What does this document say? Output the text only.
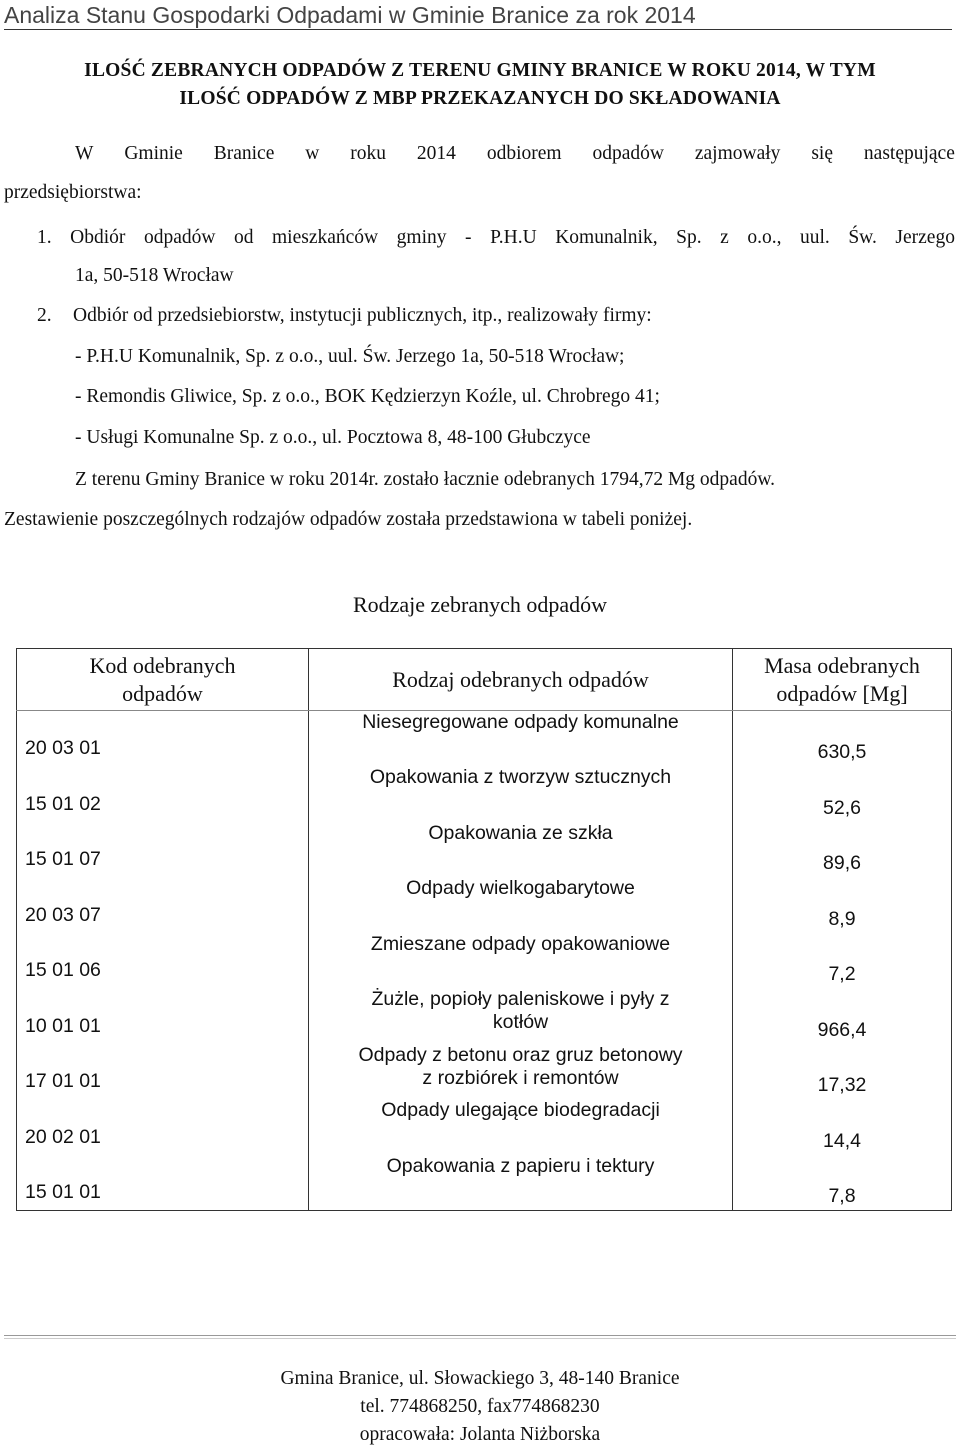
Analiza Stanu Gospodarki Odpadami w Gminie Branice za rok 2014
ILOŚĆ ZEBRANYCH ODPADÓW Z TERENU GMINY BRANICE W ROKU 2014, W TYM
ILOŚĆ ODPADÓW Z MBP PRZEKAZANYCH DO SKŁADOWANIA
W Gminie Branice w roku 2014 odbiorem odpadów zajmowały się następujące
przedsiębiorstwa:
1. Obdiór odpadów od mieszkańców gminy - P.H.U Komunalnik, Sp. z o.o., uul. Św. Jerzego
1a, 50-518 Wrocław
2. Odbiór od przedsiebiorstw, instytucji publicznych, itp., realizowały firmy:
- P.H.U Komunalnik, Sp. z o.o., uul. Św. Jerzego 1a, 50-518 Wrocław;
- Remondis Gliwice, Sp. z o.o., BOK Kędzierzyn Koźle, ul. Chrobrego 41;
- Usługi Komunalne Sp. z o.o., ul. Pocztowa 8, 48-100 Głubczyce
Z terenu Gminy Branice w roku 2014r. zostało łacznie odebranych 1794,72 Mg odpadów.
Zestawienie poszczególnych rodzajów odpadów została przedstawiona w tabeli poniżej.
Rodzaje zebranych odpadów
Kod odebranych
odpadów	Rodzaj odebranych odpadów	Masa odebranych
odpadów [Mg]
20 03 01	Niesegregowane odpady komunalne	630,5
15 01 02	Opakowania z tworzyw sztucznych	52,6
15 01 07	Opakowania ze szkła	89,6
20 03 07	Odpady wielkogabarytowe	8,9
15 01 06	Zmieszane odpady opakowaniowe	7,2
10 01 01	Żużle, popioły paleniskowe i pyły z
kotłów	966,4
17 01 01	Odpady z betonu oraz gruz betonowy
z rozbiórek i remontów	17,32
20 02 01	Odpady ulegające biodegradacji	14,4
15 01 01	Opakowania z papieru i tektury	7,8
Gmina Branice, ul. Słowackiego 3, 48-140 Branice
tel. 774868250, fax774868230
opracowała: Jolanta Niżborska
